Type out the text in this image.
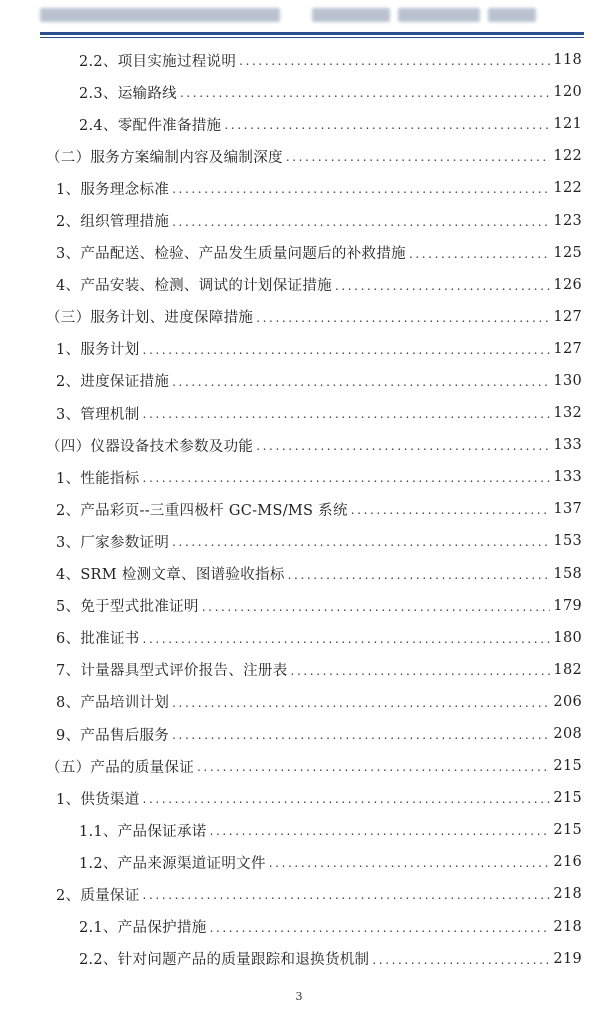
2.2、项目实施过程说明 .....	118
2.3、运输路线 .....	120
2.4、零配件准备措施 .....	121
（二）服务方案编制内容及编制深度 .....	122
1、服务理念标准 .....	122
2、组织管理措施 .....	123
3、产品配送、检验、产品发生质量问题后的补救措施 .....	125
4、产品安装、检测、调试的计划保证措施 .....	126
（三）服务计划、进度保障措施 .....	127
1、服务计划 .....	127
2、进度保证措施 .....	130
3、管理机制 .....	132
（四）仪器设备技术参数及功能 .....	133
1、性能指标 .....	133
2、产品彩页--三重四极杆 GC-MS/MS 系统 .....	137
3、厂家参数证明 .....	153
4、SRM 检测文章、图谱验收指标 .....	158
5、免于型式批准证明 .....	179
6、批准证书 .....	180
7、计量器具型式评价报告、注册表 .....	182
8、产品培训计划 .....	206
9、产品售后服务 .....	208
（五）产品的质量保证 .....	215
1、供货渠道 .....	215
1.1、产品保证承诺 .....	215
1.2、产品来源渠道证明文件 .....	216
2、质量保证 .....	218
2.1、产品保护措施 .....	218
2.2、针对问题产品的质量跟踪和退换货机制 .....	219
3
